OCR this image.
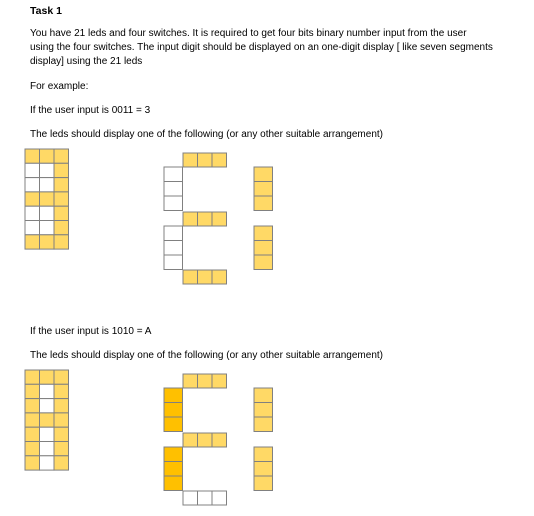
Task 1
You have 21 leds and four switches. It is required to get four bits binary number input from the user
using the four switches. The input digit should be displayed on an one-digit display [ like seven segments
display] using the 21 leds
For example:
If the user input is 0011 = 3
The leds should display one of the following (or any other suitable arrangement)
If the user input is 1010 = A
The leds should display one of the following (or any other suitable arrangement)
